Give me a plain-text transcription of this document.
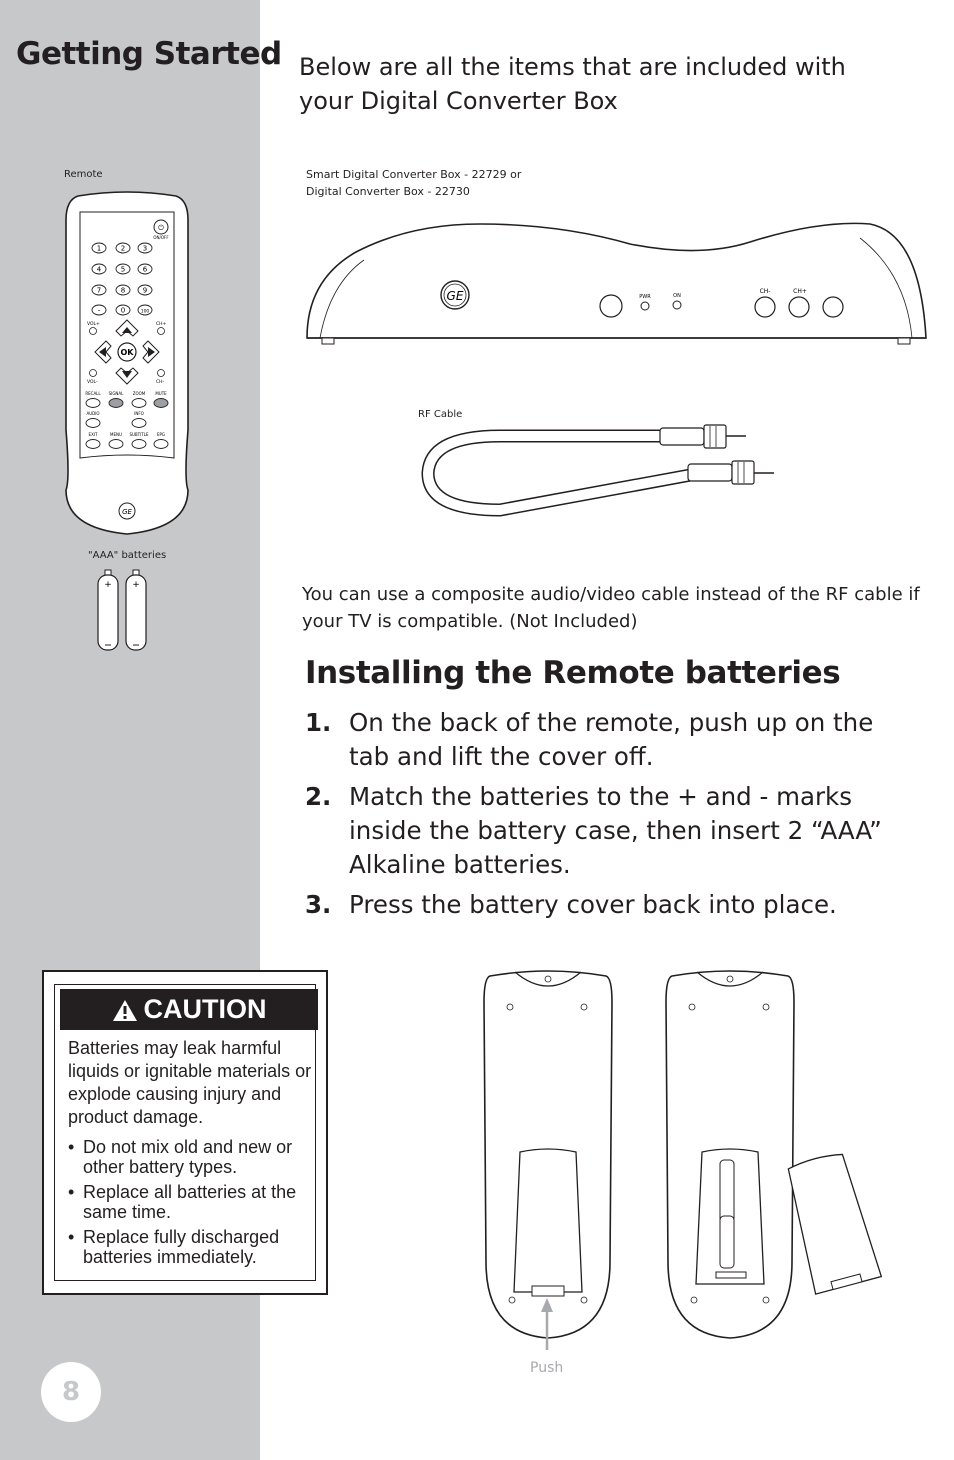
Getting Started Below are all the items that are included with your Digital Converter Box
Remote
⏻
ON/OFF
1	2	3
4	5	6
7	8	9
-	0	100
VOL+	CH+
VOL-	CH-
OK
RECALL SIGNAL ZOOM	MUTE
AUDIO	INFO
EXIT	MENU SUBTITLE EPG
GE
"AAA" batteries
+ +
Smart Digital Converter Box - 22729 or
Digital Converter Box - 22730
GE	PWR	ON
CH-	CH+
RF Cable
You can use a composite audio/video cable instead of the RF cable if your TV is compatible. (Not Included)
Installing the Remote batteries
1. On the back of the remote, push up on the tab and lift the cover off.
2. Match the batteries to the + and - marks inside the battery case, then insert 2 “AAA” Alkaline batteries.
3. Press the battery cover back into place.
CAUTION
Batteries may leak harmful liquids or ignitable materials or explode causing injury and product damage.
• Do not mix old and new or other battery types.
• Replace all batteries at the same time.
• Replace fully discharged batteries immediately.
Push
8
